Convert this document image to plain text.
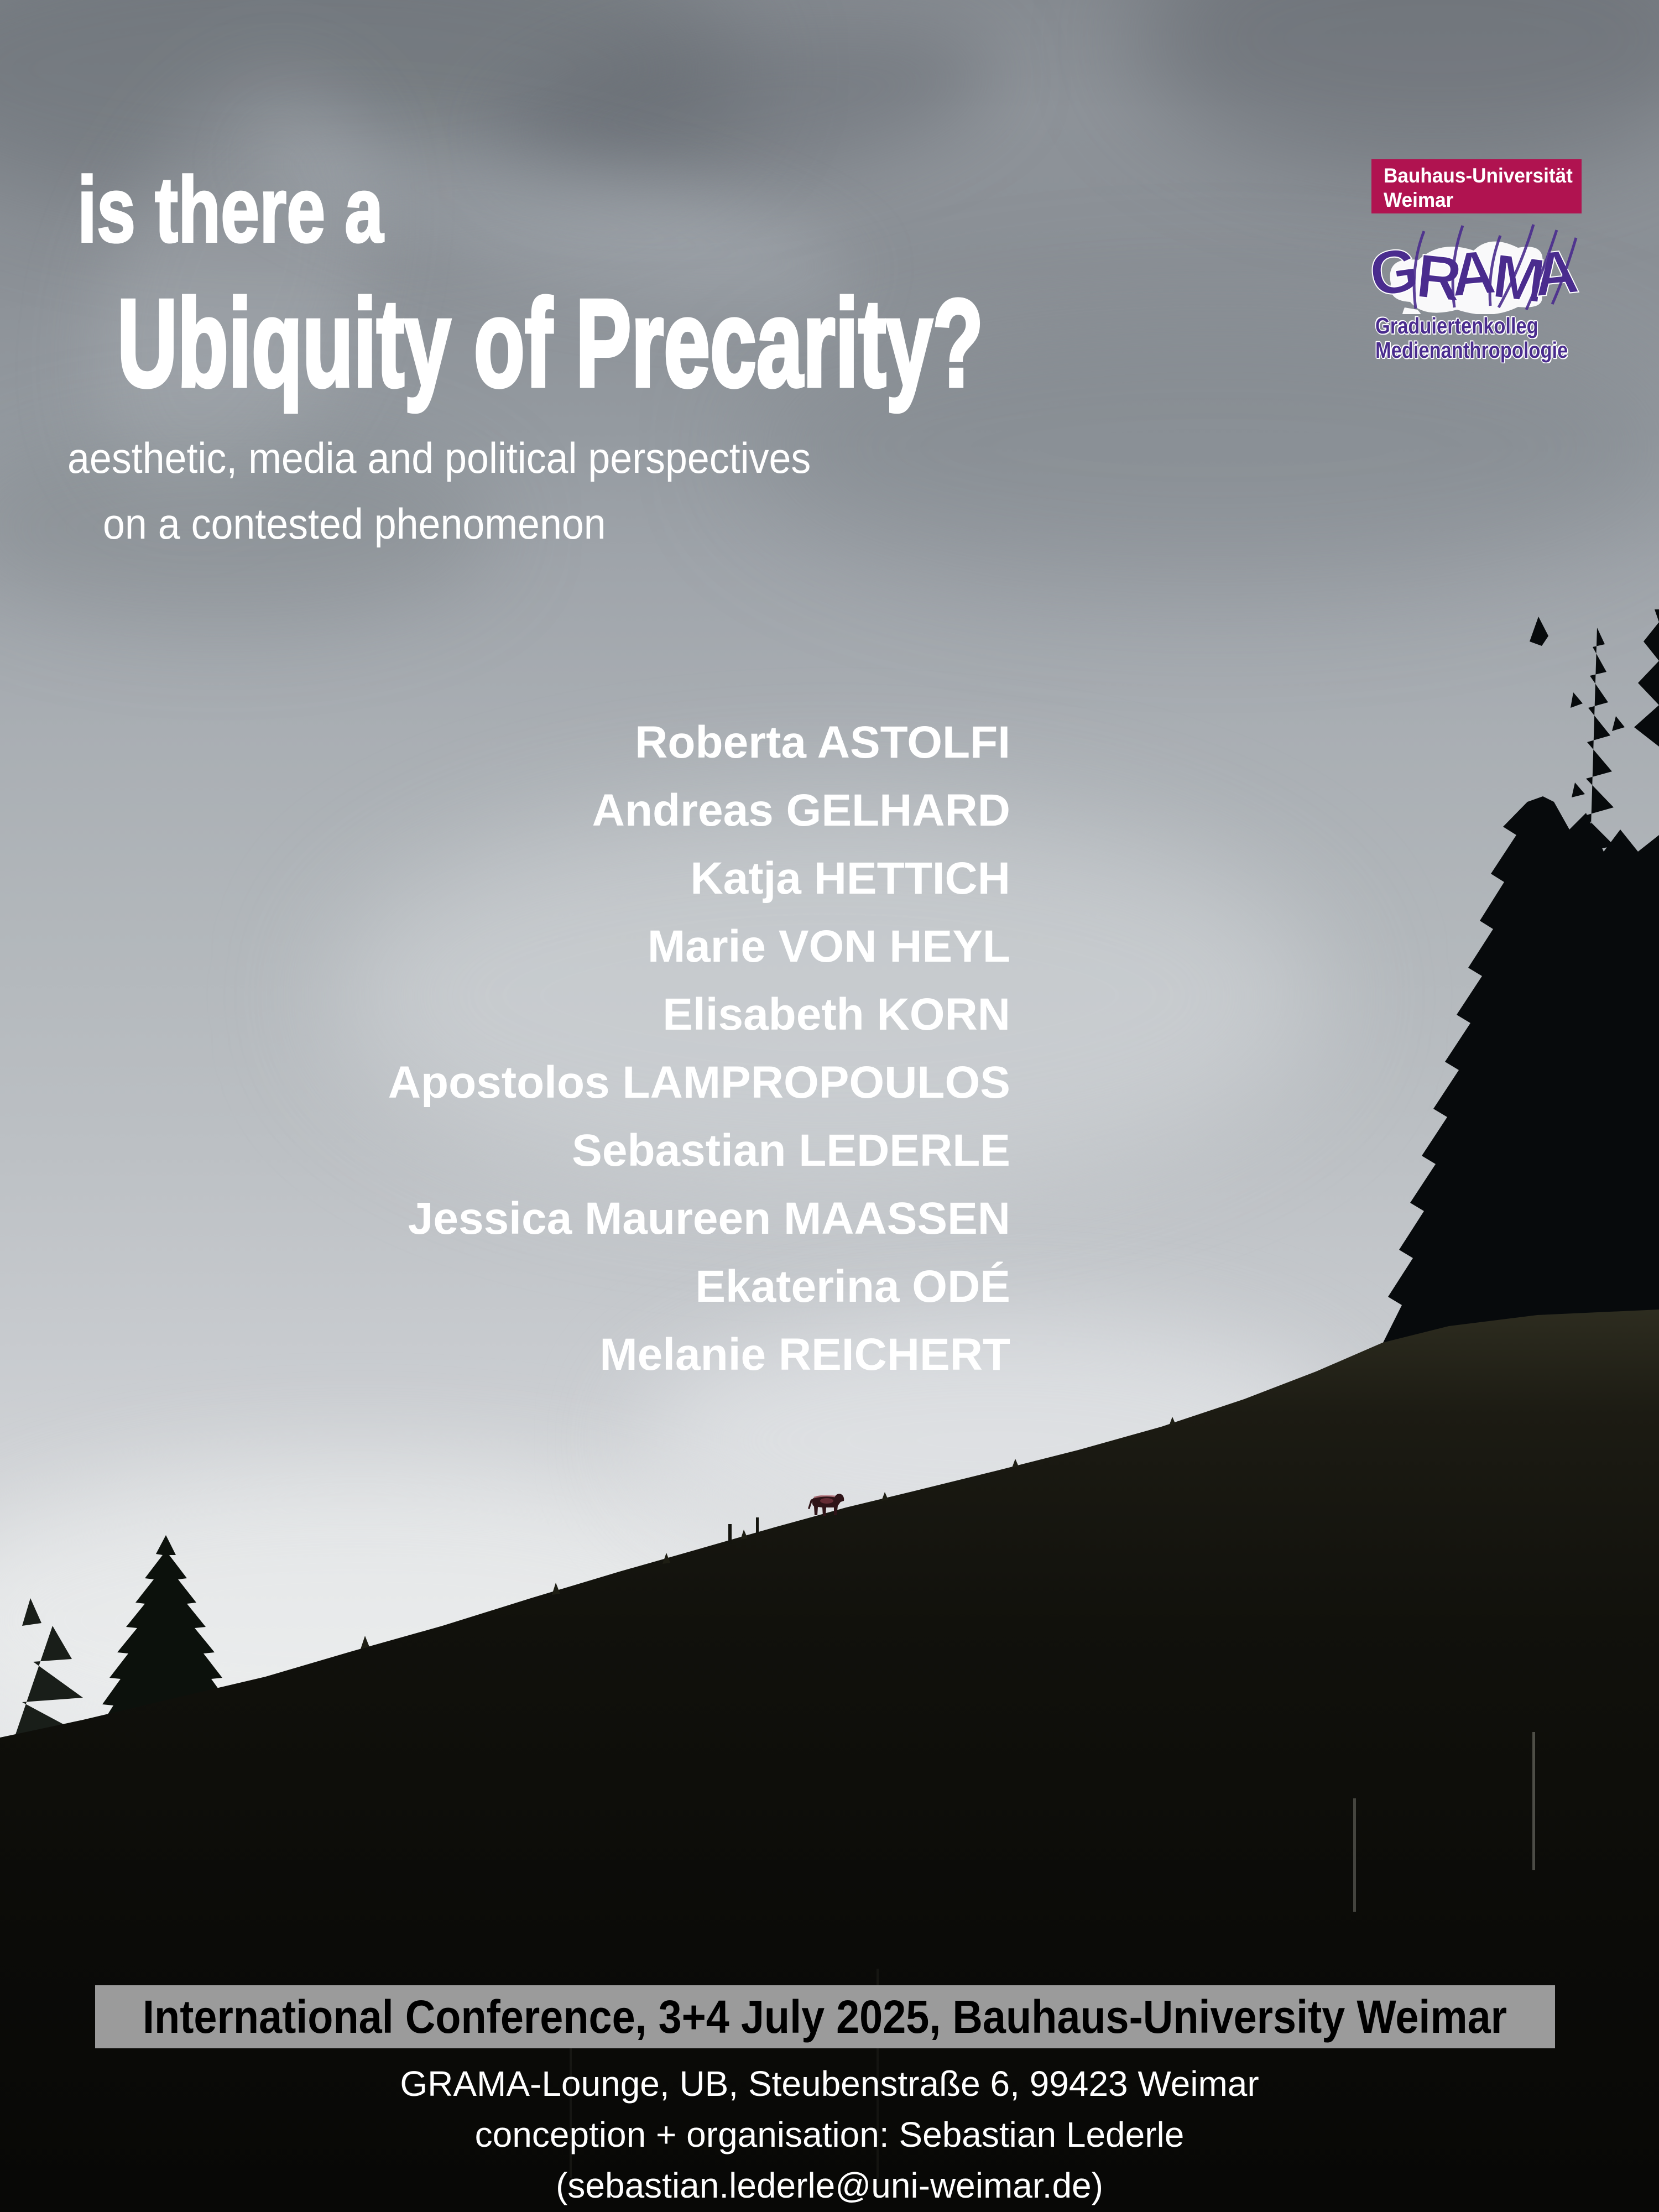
is there a
Ubiquity of Precarity?
aesthetic, media and political perspectives
on a contested phenomenon
Bauhaus-Universität
Weimar
GRAMA
Graduiertenkolleg
Medienanthropologie
Roberta ASTOLFI
Andreas GELHARD
Katja HETTICH
Marie VON HEYL
Elisabeth KORN
Apostolos LAMPROPOULOS
Sebastian LEDERLE
Jessica Maureen MAASSEN
Ekaterina ODÉ
Melanie REICHERT
International Conference, 3+4 July 2025, Bauhaus-University Weimar
GRAMA-Lounge, UB, Steubenstraße 6, 99423 Weimar
conception + organisation: Sebastian Lederle
(sebastian.lederle@uni-weimar.de)
